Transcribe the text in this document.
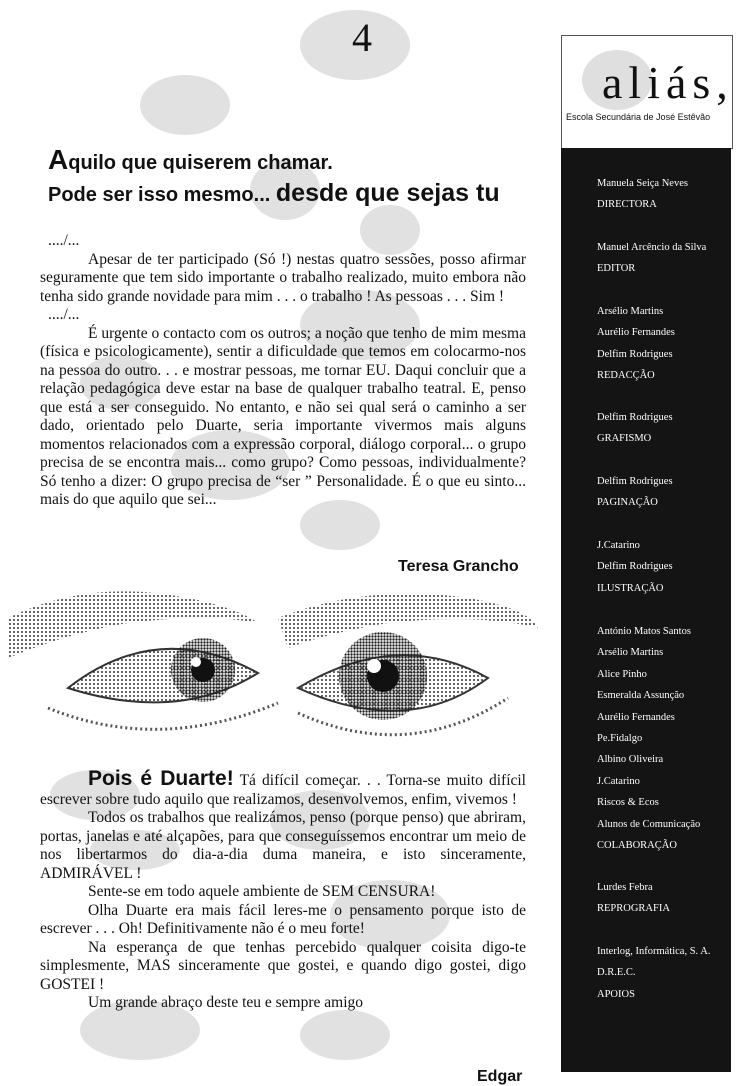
4
Aquilo que quiserem chamar.
Pode ser isso mesmo... desde que sejas tu

..../...

Apesar de ter participado (Só !) nestas quatro sessões, posso afirmar seguramente que tem sido importante o trabalho realizado, muito embora não tenha sido grande novidade para mim . . . o trabalho ! As pessoas . . . Sim !

..../...

É urgente o contacto com os outros; a noção que tenho de mim mesma (física e psicologicamente), sentir a dificuldade que temos em colocarmo-nos na pessoa do outro. . . e mostrar pessoas, me tornar EU. Daqui concluir que a relação pedagógica deve estar na base de qualquer trabalho teatral. E, penso que está a ser conseguido. No entanto, e não sei qual será o caminho a ser dado, orientado pelo Duarte, seria importante vivermos mais alguns momentos relacionados com a expressão corporal, diálogo corporal... o grupo precisa de se encontra mais... como grupo? Como pessoas, individualmente? Só tenho a dizer: O grupo precisa de “ser ” Personalidade. É o que eu sinto... mais do que aquilo que sei...

Teresa Grancho

Pois é Duarte! Tá difícil começar. . . Torna-se muito difícil escrever sobre tudo aquilo que realizamos, desenvolvemos, enfim, vivemos !

Todos os trabalhos que realizámos, penso (porque penso) que abriram, portas, janelas e até alçapões, para que conseguíssemos encontrar um meio de nos libertarmos do dia-a-dia duma maneira, e isto sinceramente, ADMIRÁVEL !

Sente-se em todo aquele ambiente de SEM CENSURA!

Olha Duarte era mais fácil leres-me o pensamento porque isto de escrever . . . Oh! Definitivamente não é o meu forte!

Na esperança de que tenhas percebido qualquer coisita digo-te simplesmente, MAS sinceramente que gostei, e quando digo gostei, digo GOSTEI !

Um grande abraço deste teu e sempre amigo

Edgar
aliás,
Escola Secundária de José Estêvão
Manuela Seiça Neves
DIRECTORA
Manuel Arcêncio da Silva
EDITOR
Arsélio Martins
Aurélio Fernandes
Delfim Rodrigues
REDACÇÃO
Delfim Rodrigues
GRAFISMO
Delfim Rodrigues
PAGINAÇÃO
J.Catarino
Delfim Rodrigues
ILUSTRAÇÃO
António Matos Santos
Arsélio Martins
Alice Pinho
Esmeralda Assunção
Aurélio Fernandes
Pe.Fidalgo
Albino Oliveira
J.Catarino
Riscos & Ecos
Alunos de Comunicação
COLABORAÇÃO
Lurdes Febra
REPROGRAFIA
Interlog, Informática, S. A.
D.R.E.C.
APOIOS
